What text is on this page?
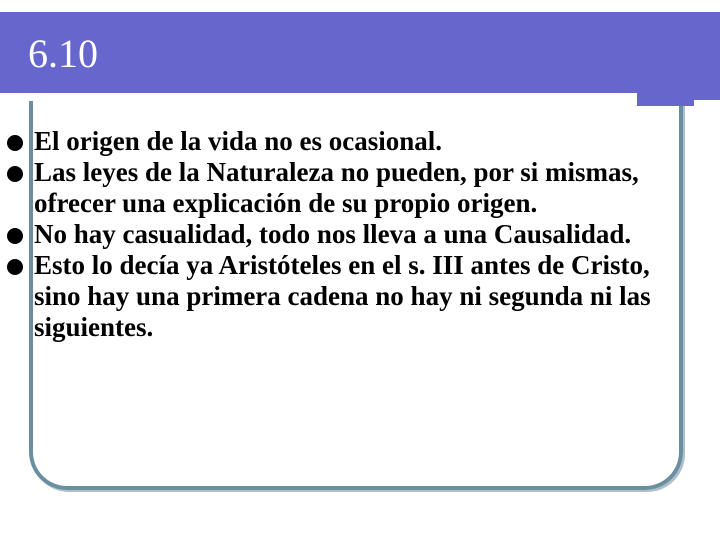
6.10
El origen de la vida no es ocasional.
Las leyes de la Naturaleza no pueden, por si mismas, ofrecer una explicación de su propio origen.
No hay casualidad, todo nos lleva a una Causalidad.
Esto lo decía ya Aristóteles en el s. III antes de Cristo, sino hay una primera cadena no hay ni segunda ni las siguientes.
